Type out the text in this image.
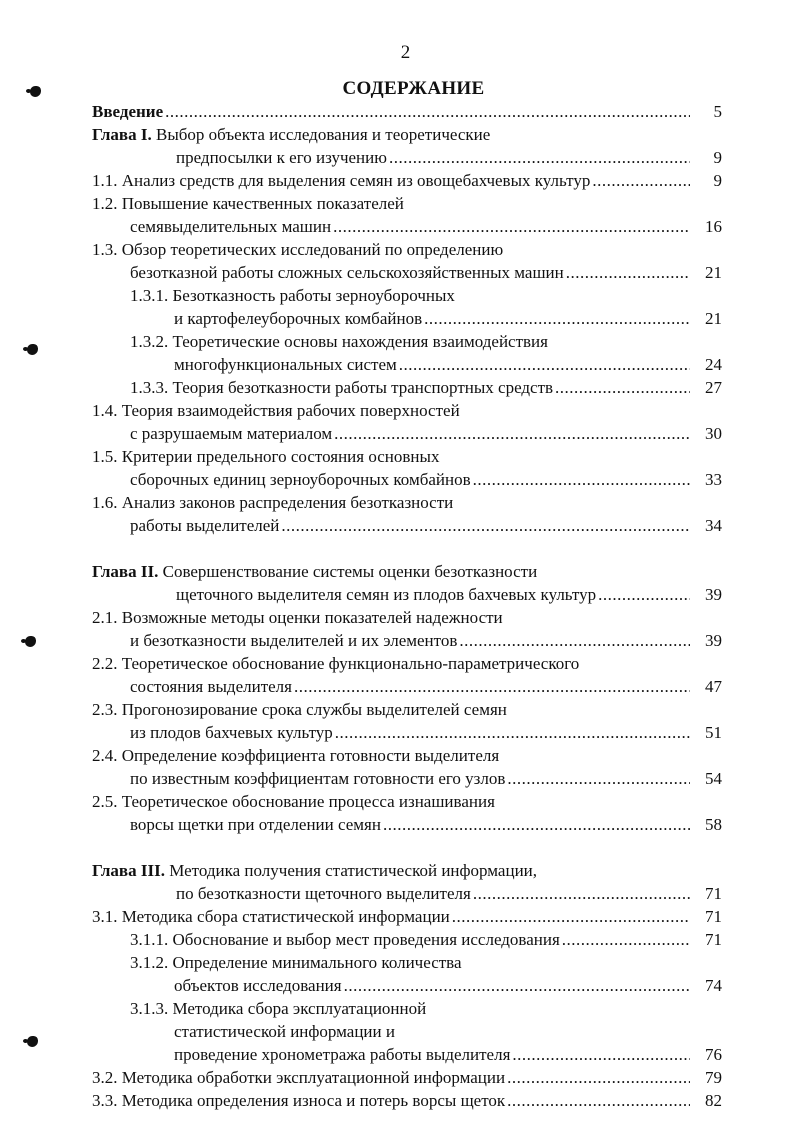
2
СОДЕРЖАНИЕ
Введение .....	5
Глава I. Выбор объекта исследования и теоретические
предпосылки к его изучению .....	9
1.1. Анализ средств для выделения семян из овощебахчевых культур .....	9
1.2. Повышение качественных показателей
семявыделительных машин .....	16
1.3. Обзор теоретических исследований по определению
безотказной работы сложных сельскохозяйственных машин .....	21
1.3.1. Безотказность работы зерноуборочных
и картофелеуборочных комбайнов .....	21
1.3.2. Теоретические основы нахождения взаимодействия
многофункциональных систем .....	24
1.3.3. Теория безотказности работы транспортных средств .....	27
1.4. Теория взаимодействия рабочих поверхностей
с разрушаемым материалом .....	30
1.5. Критерии предельного состояния основных
сборочных единиц зерноуборочных комбайнов .....	33
1.6. Анализ законов распределения безотказности
работы выделителей .....	34
Глава II. Совершенствование системы оценки безотказности
щеточного выделителя семян из плодов бахчевых культур .....	39
2.1. Возможные методы оценки показателей надежности
и безотказности выделителей и их элементов .....	39
2.2. Теоретическое обоснование функционально-параметрического
состояния выделителя .....	47
2.3. Прогонозирование срока службы выделителей семян
из плодов бахчевых культур .....	51
2.4. Определение коэффициента готовности выделителя
по известным коэффициентам готовности его узлов .....	54
2.5. Теоретическое обоснование процесса изнашивания
ворсы щетки при отделении семян .....	58
Глава III. Методика получения статистической информации,
по безотказности щеточного выделителя .....	71
3.1. Методика сбора статистической информации .....	71
3.1.1. Обоснование и выбор мест проведения исследования .....	71
3.1.2. Определение минимального количества
объектов исследования .....	74
3.1.3. Методика сбора эксплуатационной
статистической информации и
проведение хронометража работы выделителя .....	76
3.2. Методика обработки эксплуатационной информации .....	79
3.3. Методика определения износа и потерь ворсы щеток .....	82
